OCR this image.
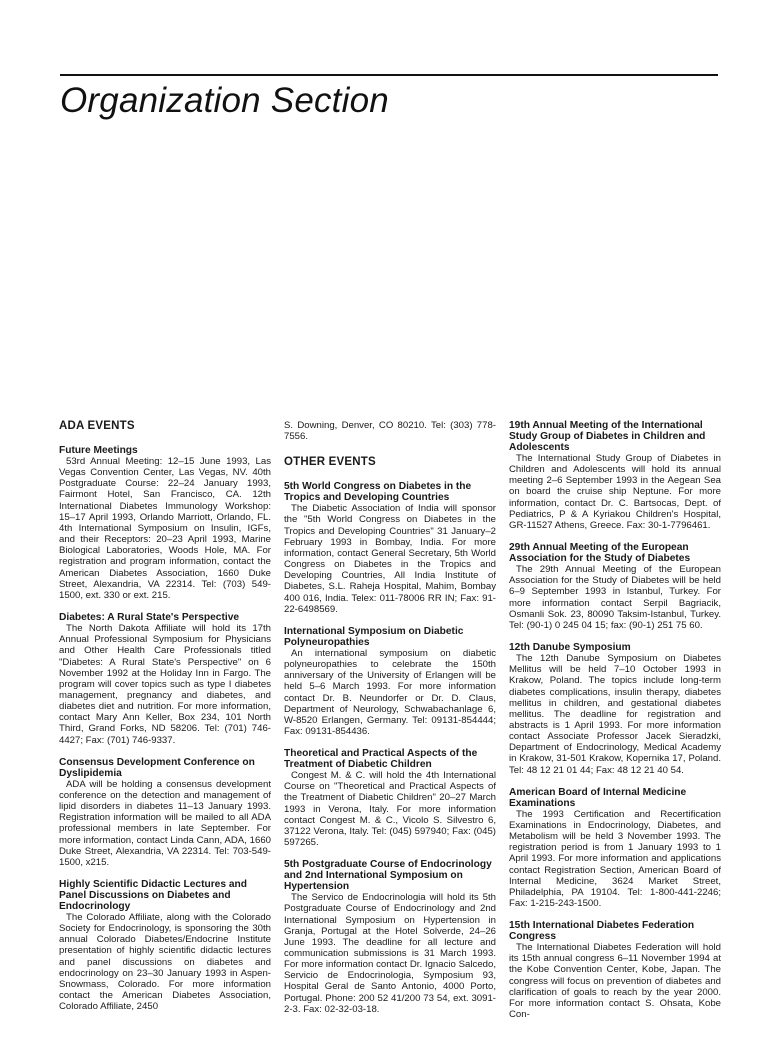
Organization Section
ADA EVENTS
Future Meetings

53rd Annual Meeting: 12–15 June 1993, Las Vegas Convention Center, Las Vegas, NV. 40th Postgraduate Course: 22–24 January 1993, Fairmont Hotel, San Francisco, CA. 12th International Diabetes Immunology Workshop: 15–17 April 1993, Orlando Marriott, Orlando, FL. 4th International Symposium on Insulin, IGFs, and their Receptors: 20–23 April 1993, Marine Biological Laboratories, Woods Hole, MA. For registration and program information, contact the American Diabetes Association, 1660 Duke Street, Alexandria, VA 22314. Tel: (703) 549-1500, ext. 330 or ext. 215.

Diabetes: A Rural State's Perspective

The North Dakota Affiliate will hold its 17th Annual Professional Symposium for Physicians and Other Health Care Professionals titled "Diabetes: A Rural State's Perspective" on 6 November 1992 at the Holiday Inn in Fargo. The program will cover topics such as type I diabetes management, pregnancy and diabetes, and diabetes diet and nutrition. For more information, contact Mary Ann Keller, Box 234, 101 North Third, Grand Forks, ND 58206. Tel: (701) 746-4427; Fax: (701) 746-9337.

Consensus Development Conference on Dyslipidemia

ADA will be holding a consensus development conference on the detection and management of lipid disorders in diabetes 11–13 January 1993. Registration information will be mailed to all ADA professional members in late September. For more information, contact Linda Cann, ADA, 1660 Duke Street, Alexandria, VA 22314. Tel: 703-549-1500, x215.

Highly Scientific Didactic Lectures and Panel Discussions on Diabetes and Endocrinology

The Colorado Affiliate, along with the Colorado Society for Endocrinology, is sponsoring the 30th annual Colorado Diabetes/Endocrine Institute presentation of highly scientific didactic lectures and panel discussions on diabetes and endocrinology on 23–30 January 1993 in Aspen-Snowmass, Colorado. For more information contact the American Diabetes Association, Colorado Affiliate, 2450

S. Downing, Denver, CO 80210. Tel: (303) 778-7556.

OTHER EVENTS
5th World Congress on Diabetes in the Tropics and Developing Countries

The Diabetic Association of India will sponsor the "5th World Congress on Diabetes in the Tropics and Developing Countries" 31 January–2 February 1993 in Bombay, India. For more information, contact General Secretary, 5th World Congress on Diabetes in the Tropics and Developing Countries, All India Institute of Diabetes, S.L. Raheja Hospital, Mahim, Bombay 400 016, India. Telex: 011-78006 RR IN; Fax: 91-22-6498569.

International Symposium on Diabetic Polyneuropathies

An international symposium on diabetic polyneuropathies to celebrate the 150th anniversary of the University of Erlangen will be held 5–6 March 1993. For more information contact Dr. B. Neundorfer or Dr. D. Claus, Department of Neurology, Schwabachanlage 6, W-8520 Erlangen, Germany. Tel: 09131-854444; Fax: 09131-854436.

Theoretical and Practical Aspects of the Treatment of Diabetic Children

Congest M. & C. will hold the 4th International Course on "Theoretical and Practical Aspects of the Treatment of Diabetic Children" 20–27 March 1993 in Verona, Italy. For more information contact Congest M. & C., Vicolo S. Silvestro 6, 37122 Verona, Italy. Tel: (045) 597940; Fax: (045) 597265.

5th Postgraduate Course of Endocrinology and 2nd International Symposium on Hypertension

The Servico de Endocrinologia will hold its 5th Postgraduate Course of Endocrinology and 2nd International Symposium on Hypertension in Granja, Portugal at the Hotel Solverde, 24–26 June 1993. The deadline for all lecture and communication submissions is 31 March 1993. For more information contact Dr. Ignacio Salcedo, Servicio de Endocrinologia, Symposium 93, Hospital Geral de Santo Antonio, 4000 Porto, Portugal. Phone: 200 52 41/200 73 54, ext. 3091-2-3. Fax: 02-32-03-18.

19th Annual Meeting of the International Study Group of Diabetes in Children and Adolescents

The International Study Group of Diabetes in Children and Adolescents will hold its annual meeting 2–6 September 1993 in the Aegean Sea on board the cruise ship Neptune. For more information, contact Dr. C. Bartsocas, Dept. of Pediatrics, P & A Kyriakou Children's Hospital, GR-11527 Athens, Greece. Fax: 30-1-7796461.

29th Annual Meeting of the European Association for the Study of Diabetes

The 29th Annual Meeting of the European Association for the Study of Diabetes will be held 6–9 September 1993 in Istanbul, Turkey. For more information contact Serpil Bagriacik, Osmanli Sok. 23, 80090 Taksim-Istanbul, Turkey. Tel: (90-1) 0 245 04 15; fax: (90-1) 251 75 60.

12th Danube Symposium

The 12th Danube Symposium on Diabetes Mellitus will be held 7–10 October 1993 in Krakow, Poland. The topics include long-term diabetes complications, insulin therapy, diabetes mellitus in children, and gestational diabetes mellitus. The deadline for registration and abstracts is 1 April 1993. For more information contact Associate Professor Jacek Sieradzki, Department of Endocrinology, Medical Academy in Krakow, 31-501 Krakow, Kopernika 17, Poland. Tel: 48 12 21 01 44; Fax: 48 12 21 40 54.

American Board of Internal Medicine Examinations

The 1993 Certification and Recertification Examinations in Endocrinology, Diabetes, and Metabolism will be held 3 November 1993. The registration period is from 1 January 1993 to 1 April 1993. For more information and applications contact Registration Section, American Board of Internal Medicine, 3624 Market Street, Philadelphia, PA 19104. Tel: 1-800-441-2246; Fax: 1-215-243-1500.

15th International Diabetes Federation Congress

The International Diabetes Federation will hold its 15th annual congress 6–11 November 1994 at the Kobe Convention Center, Kobe, Japan. The congress will focus on prevention of diabetes and clarification of goals to reach by the year 2000. For more information contact S. Ohsata, Kobe Con-
